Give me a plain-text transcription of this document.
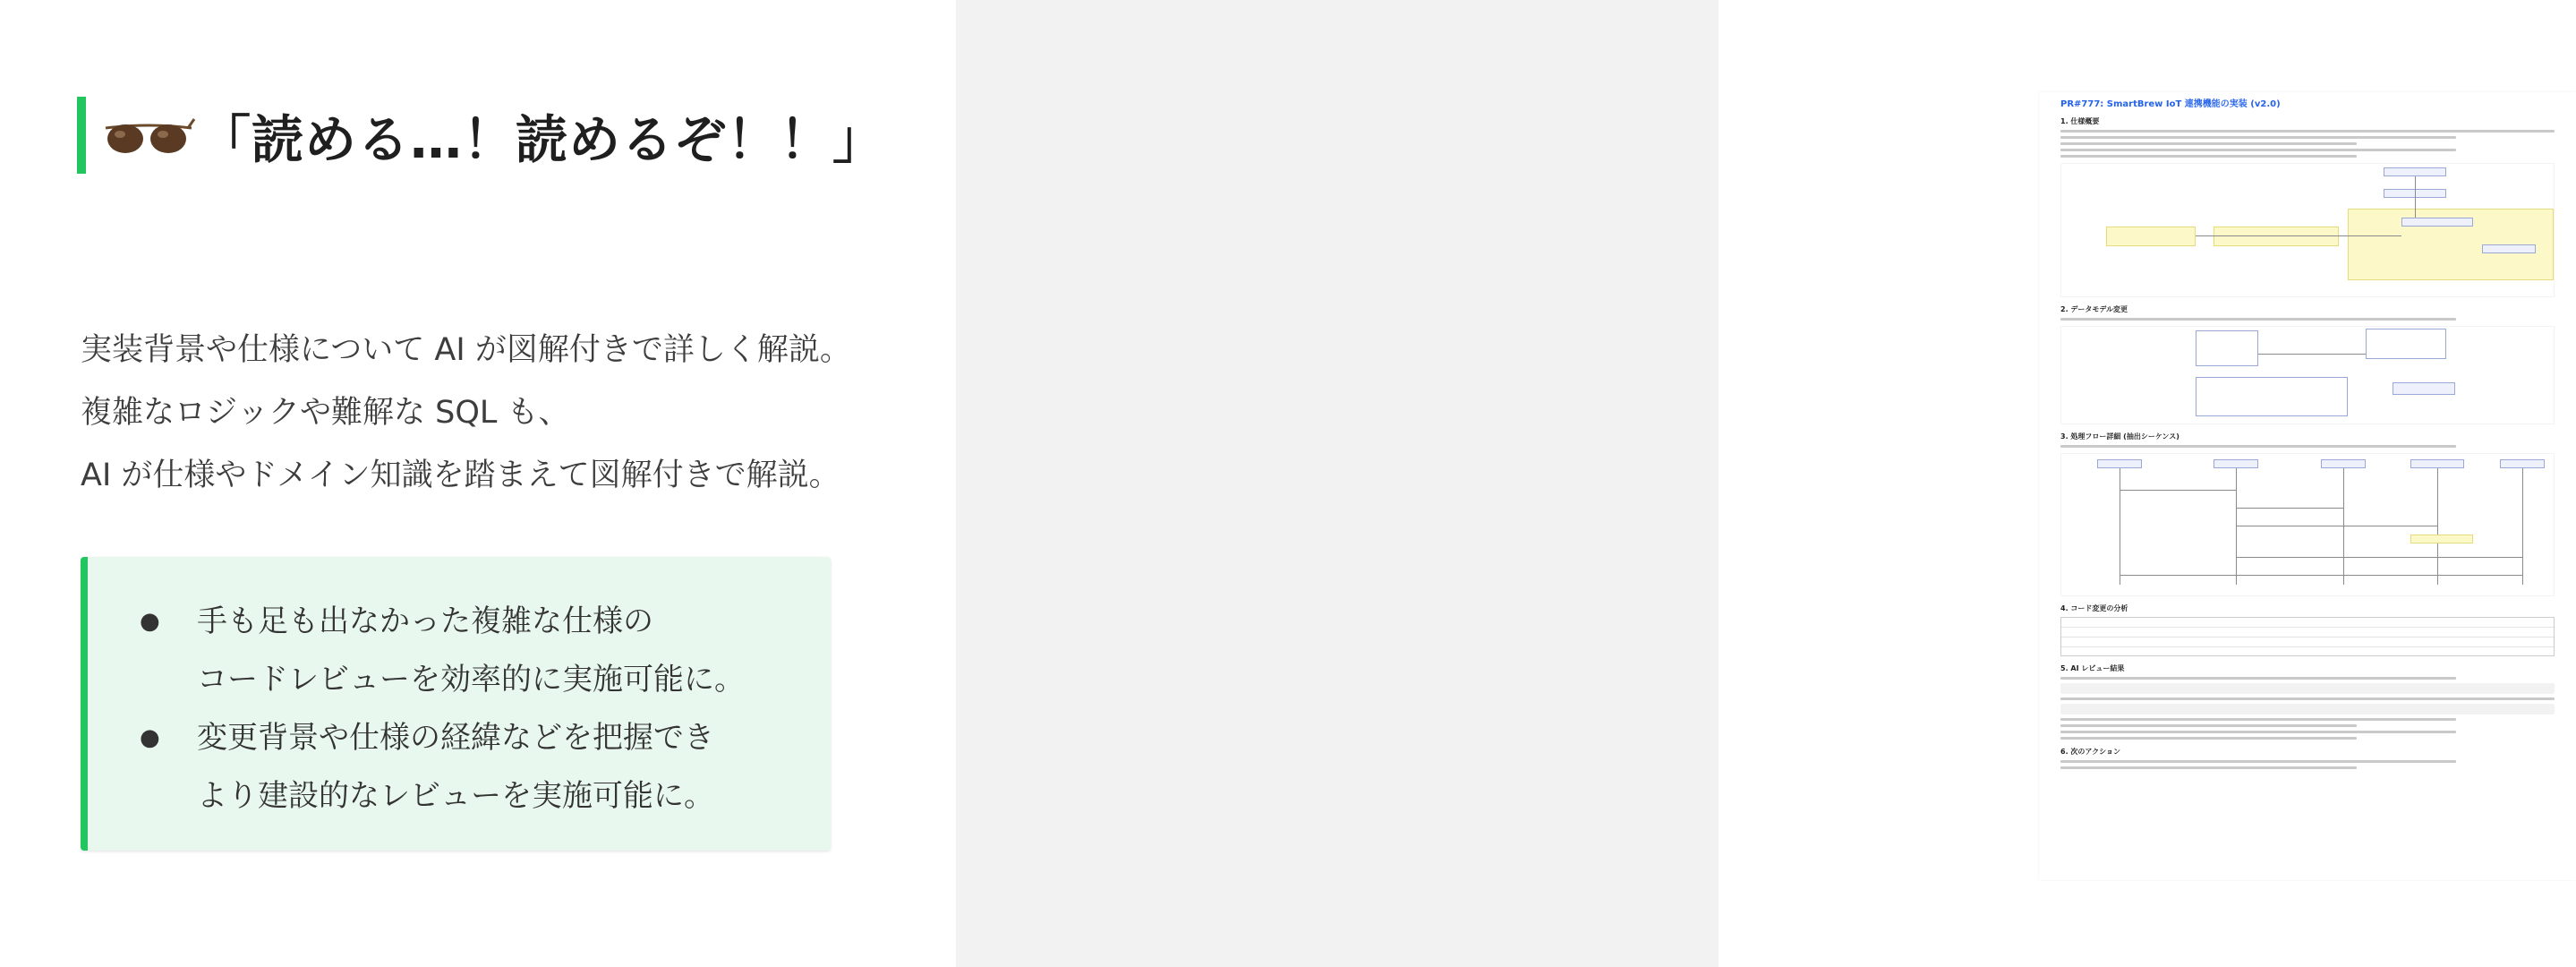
「読める…！読めるぞ！！」

実装背景や仕様について AI が図解付きで詳しく解説。

複雑なロジックや難解な SQL も、

AI が仕様やドメイン知識を踏まえて図解付きで解説。

● 手も足も出なかった複雑な仕様の
コードレビューを効率的に実施可能に。
● 変更背景や仕様の経緯などを把握でき
より建設的なレビューを実施可能に。
PR#777: SmartBrew IoT 連携機能の実装 (v2.0)
1. 仕様概要
2. データモデル変更
3. 処理フロー詳細 (抽出シーケンス)
4. コード変更の分析
5. AI レビュー結果
6. 次のアクション
